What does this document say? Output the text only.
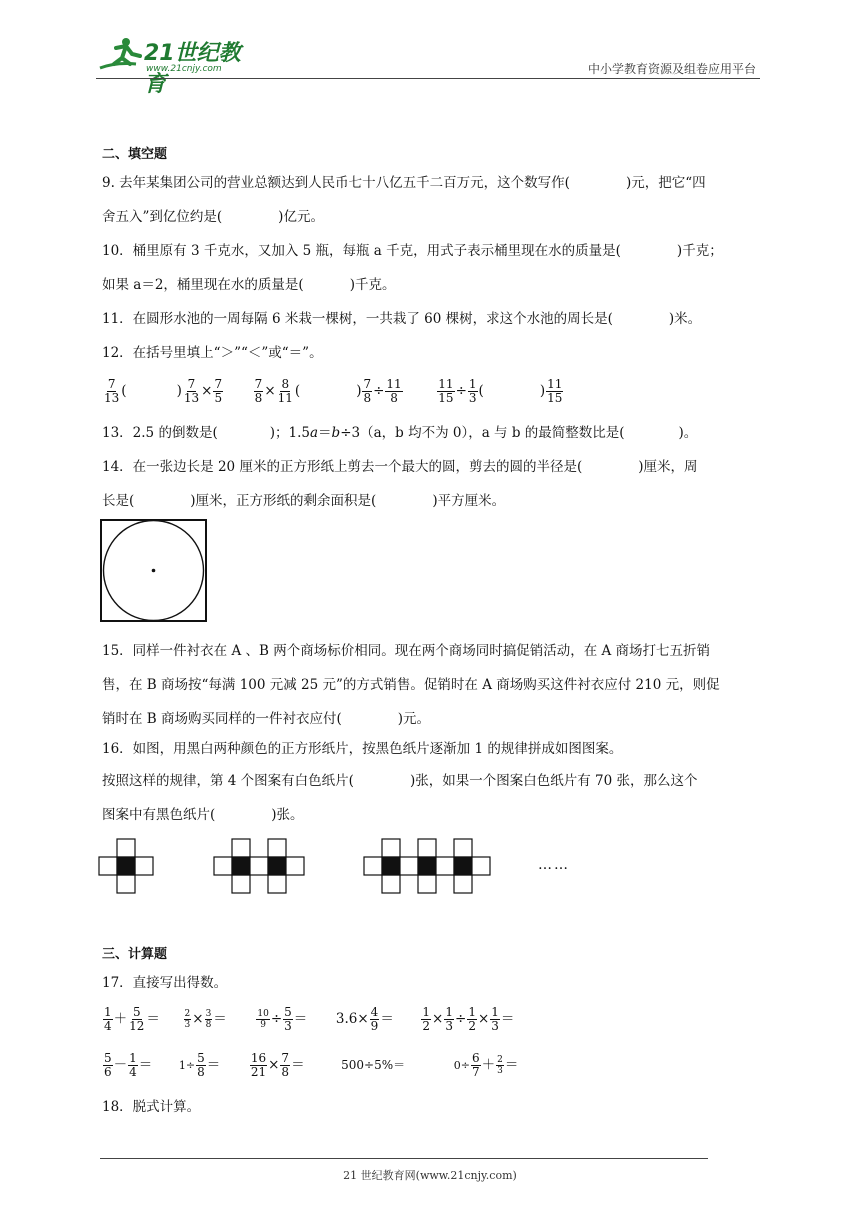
21世纪教育
www.21cnjy.com	中小学教育资源及组卷应用平台
二、填空题
9. 去年某集团公司的营业总额达到人民币七十八亿五千二百万元，这个数写作(	)元，把它“四
舍五入”到亿位约是(	)亿元。
10．桶里原有 3 千克水，又加入 5 瓶，每瓶 a 千克，用式子表示桶里现在水的质量是(	)千克；
如果 a＝2，桶里现在水的质量是(	)千克。
11．在圆形水池的一周每隔 6 米栽一棵树，一共栽了 60 棵树，求这个水池的周长是(	)米。
12．在括号里填上“＞”“＜”或“＝”。
$\frac{7}{13}$ (	) $\frac{7}{13} \times \frac{7}{5}$
	$\frac{7}{8} \times \frac{8}{11}$ (	) $\frac{7}{8} \div \frac{11}{8}$
	$\frac{11}{15} \div \frac{1}{3}$ (	) $\frac{11}{15}$
13．2.5 的倒数是(	)；1.5a＝b÷3（a，b 均不为 0），a 与 b 的最简整数比是(	)。
14．在一张边长是 20 厘米的正方形纸上剪去一个最大的圆，剪去的圆的半径是(	)厘米，周
长是(	)厘米，正方形纸的剩余面积是(	)平方厘米。
15．同样一件衬衣在 A 、B 两个商场标价相同。现在两个商场同时搞促销活动，在 A 商场打七五折销
售，在 B 商场按“每满 100 元减 25 元”的方式销售。促销时在 A 商场购买这件衬衣应付 210 元，则促
销时在 B 商场购买同样的一件衬衣应付(	)元。
16．如图，用黑白两种颜色的正方形纸片，按黑色纸片逐渐加 1 的规律拼成如图图案。
按照这样的规律，第 4 个图案有白色纸片(	)张，如果一个图案白色纸片有 70 张，那么这个
图案中有黑色纸片(	)张。
……
三、计算题
17．直接写出得数。
$\frac{1}{4} + \frac{5}{12}$ ＝	$\frac{2}{3} \times \frac{3}{8}$ ＝	$\frac{10}{9} \div \frac{5}{3} = 3.6\times \frac{4}{9} = \frac{1}{2} \times \frac{1}{3} \div \frac{1}{2} \times \frac{1}{3}$ ＝
$\frac{5}{6} - \frac{1}{4} = 1\div \frac{5}{8} = \frac{16}{21} \times \frac{7}{8}$ ＝	500÷5%＝	$0\div \frac{6}{7} + \frac{2}{3}$ ＝
18．脱式计算。
21 世纪教育网(www.21cnjy.com)
